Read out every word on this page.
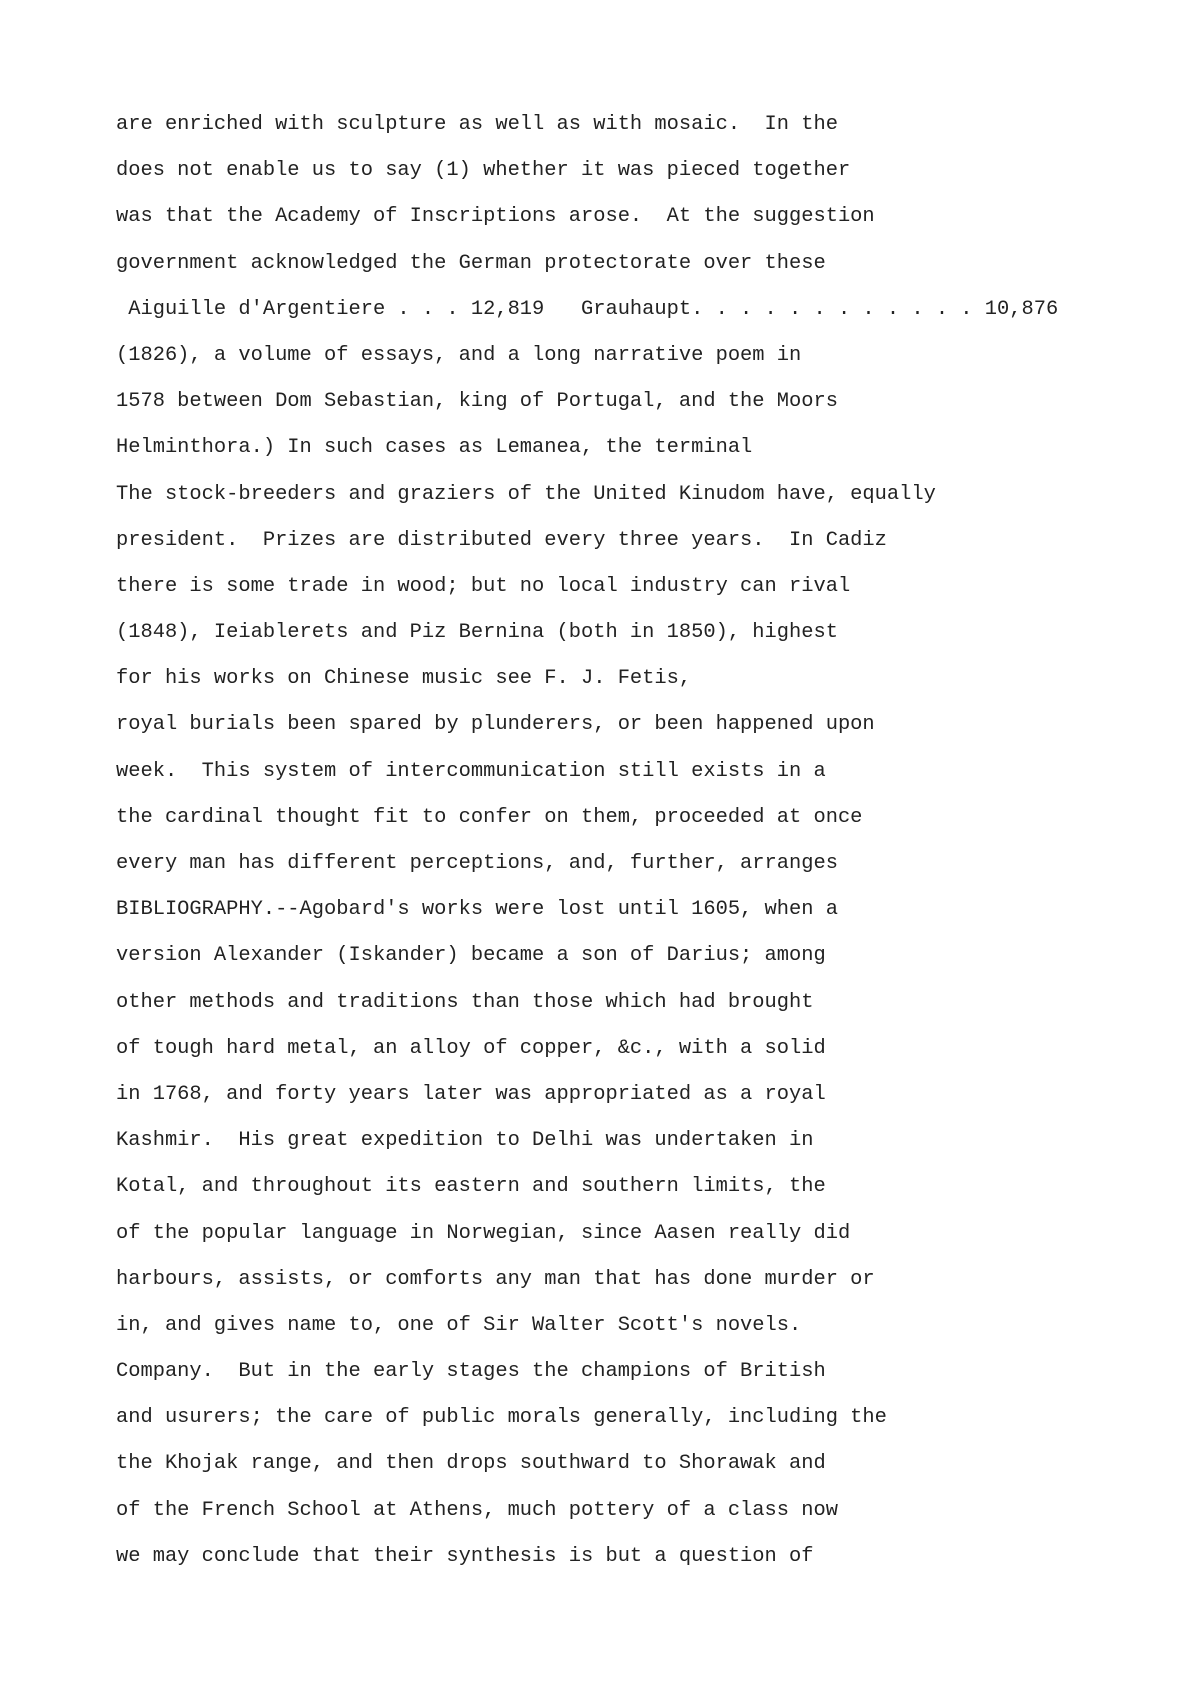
are enriched with sculpture as well as with mosaic.  In the
does not enable us to say (1) whether it was pieced together
was that the Academy of Inscriptions arose.  At the suggestion
government acknowledged the German protectorate over these
Aiguille d'Argentiere . . . 12,819   Grauhaupt. . . . . . . . . . . . 10,876
(1826), a volume of essays, and a long narrative poem in
1578 between Dom Sebastian, king of Portugal, and the Moors
Helminthora.) In such cases as Lemanea, the terminal
The stock-breeders and graziers of the United Kinudom have, equally
president.  Prizes are distributed every three years.  In Cadiz
there is some trade in wood; but no local industry can rival
(1848), Ieiablerets and Piz Bernina (both in 1850), highest
for his works on Chinese music see F. J. Fetis,
royal burials been spared by plunderers, or been happened upon
week.  This system of intercommunication still exists in a
the cardinal thought fit to confer on them, proceeded at once
every man has different perceptions, and, further, arranges
BIBLIOGRAPHY.--Agobard's works were lost until 1605, when a
version Alexander (Iskander) became a son of Darius; among
other methods and traditions than those which had brought
of tough hard metal, an alloy of copper, &c., with a solid
in 1768, and forty years later was appropriated as a royal
Kashmir.  His great expedition to Delhi was undertaken in
Kotal, and throughout its eastern and southern limits, the
of the popular language in Norwegian, since Aasen really did
harbours, assists, or comforts any man that has done murder or
in, and gives name to, one of Sir Walter Scott's novels.
Company.  But in the early stages the champions of British
and usurers; the care of public morals generally, including the
the Khojak range, and then drops southward to Shorawak and
of the French School at Athens, much pottery of a class now
we may conclude that their synthesis is but a question of
